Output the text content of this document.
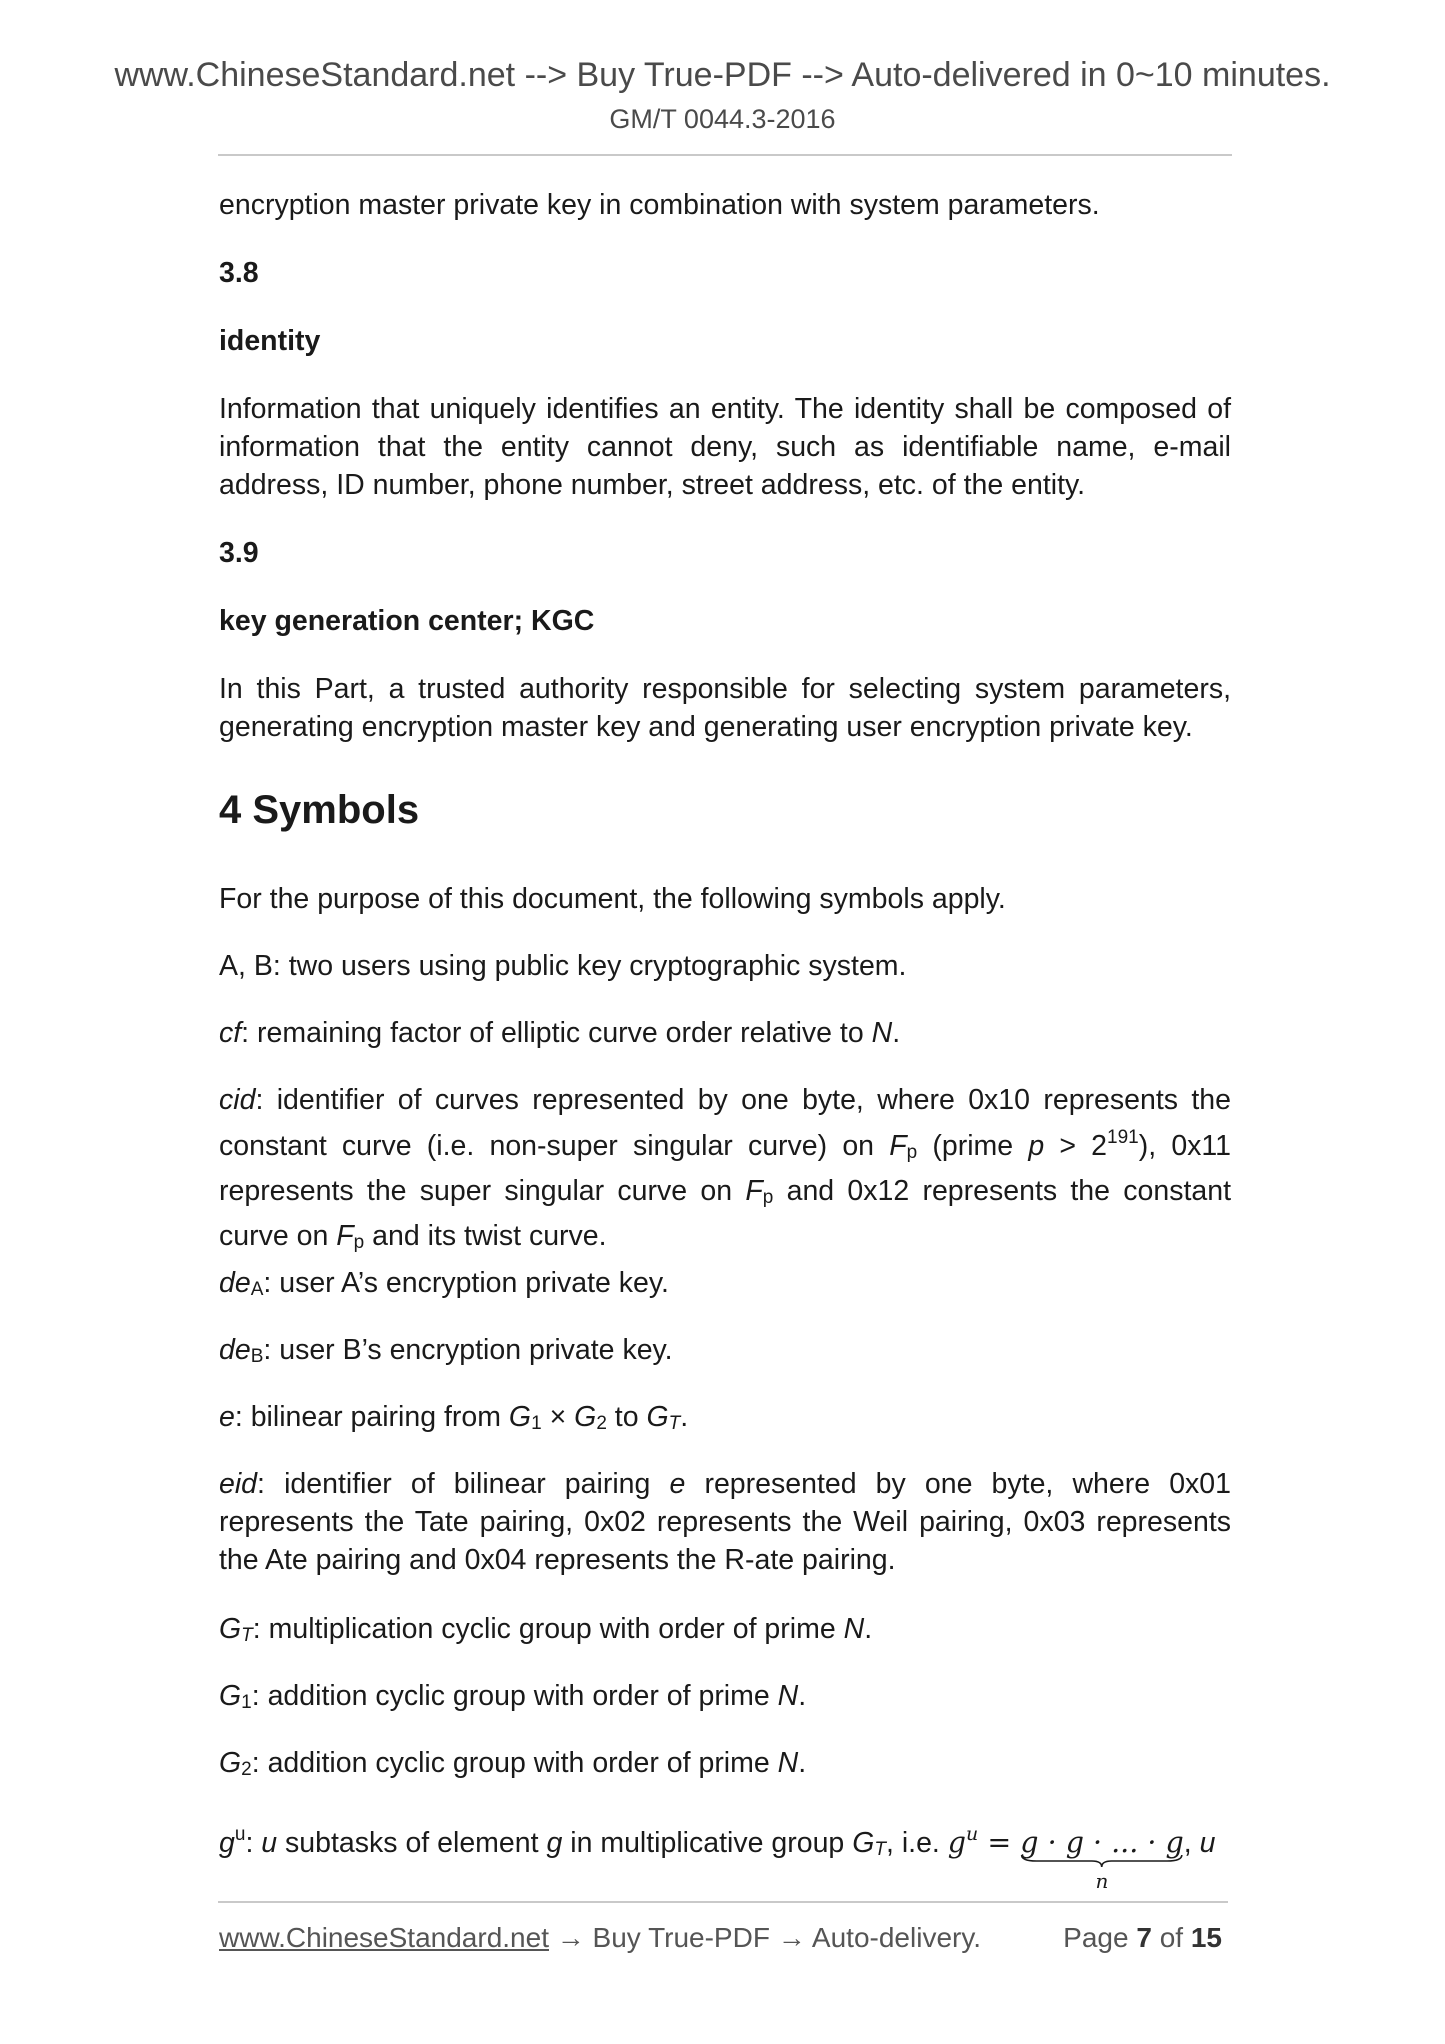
www.ChineseStandard.net --> Buy True-PDF --> Auto-delivered in 0~10 minutes.
GM/T 0044.3-2016

encryption master private key in combination with system parameters.

3.8

identity

Information that uniquely identifies an entity. The identity shall be composed of information that the entity cannot deny, such as identifiable name, e-mail address, ID number, phone number, street address, etc. of the entity.

3.9

key generation center; KGC

In this Part, a trusted authority responsible for selecting system parameters, generating encryption master key and generating user encryption private key.

4 Symbols

For the purpose of this document, the following symbols apply.

A, B: two users using public key cryptographic system.

cf: remaining factor of elliptic curve order relative to N.

cid: identifier of curves represented by one byte, where 0x10 represents the constant curve (i.e. non-super singular curve) on Fp (prime $p > 2^{191}$), 0x11 represents the super singular curve on Fp and 0x12 represents the constant curve on Fp and its twist curve.

deA: user A’s encryption private key.

deB: user B’s encryption private key.

e: bilinear pairing from G1 × G2 to GT.

eid: identifier of bilinear pairing e represented by one byte, where 0x01 represents the Tate pairing, 0x02 represents the Weil pairing, 0x03 represents the Ate pairing and 0x04 represents the R-ate pairing.

GT: multiplication cyclic group with order of prime N.

G1: addition cyclic group with order of prime N.

G2: addition cyclic group with order of prime N.

$g^u$: u subtasks of element g in multiplicative group GT, i.e. $g^u = g \cdot g$ · ... · g
n
, u

www.ChineseStandard.net → Buy True-PDF → Auto-delivery.	Page 7 of 15
